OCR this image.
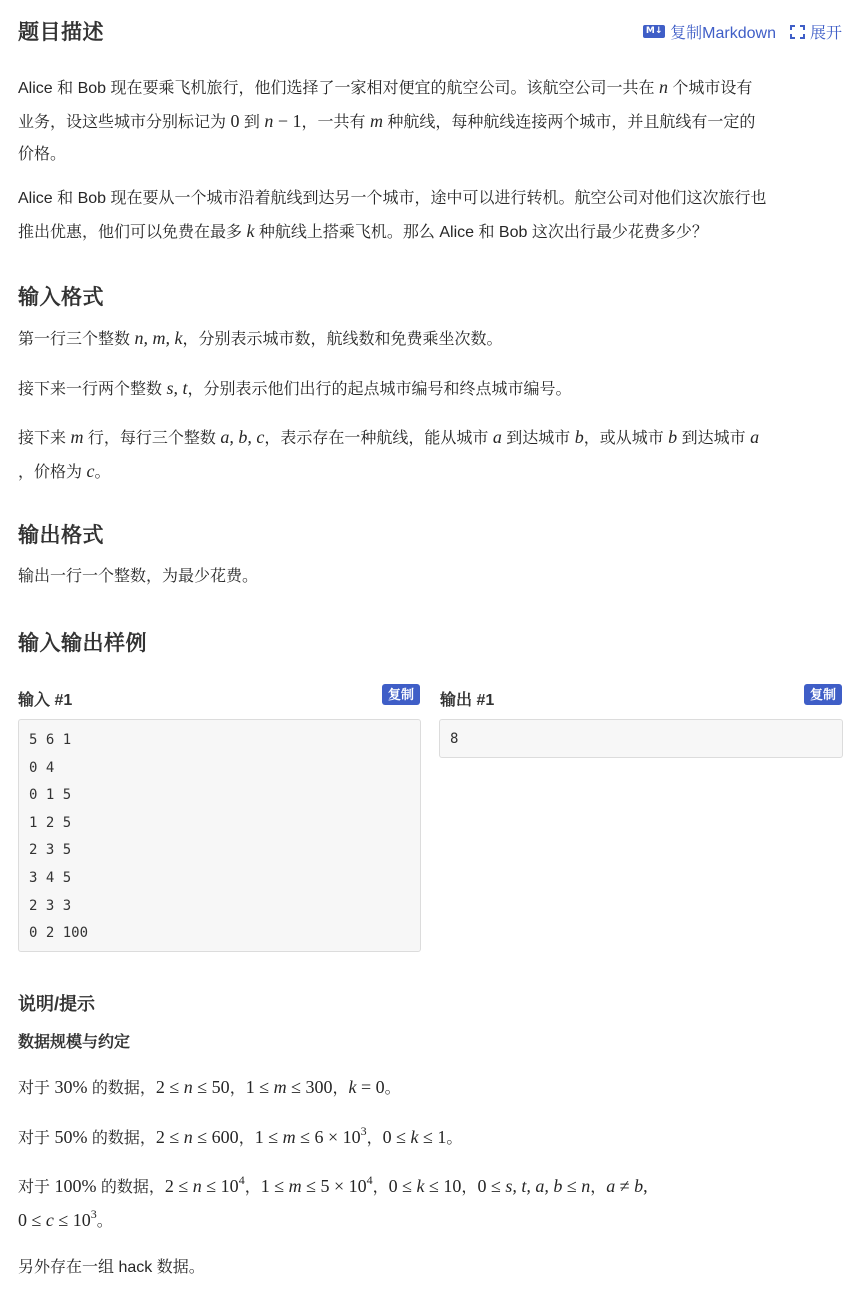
题目描述	M↓ 复制Markdown 展开
Alice 和 Bob 现在要乘飞机旅行，他们选择了一家相对便宜的航空公司。该航空公司一共在 n 个城市设有
业务，设这些城市分别标记为 0 到 n − 1，一共有 m 种航线，每种航线连接两个城市，并且航线有一定的
价格。
Alice 和 Bob 现在要从一个城市沿着航线到达另一个城市，途中可以进行转机。航空公司对他们这次旅行也
推出优惠，他们可以免费在最多 k 种航线上搭乘飞机。那么 Alice 和 Bob 这次出行最少花费多少？
输入格式
第一行三个整数 n, m, k，分别表示城市数，航线数和免费乘坐次数。
接下来一行两个整数 s, t，分别表示他们出行的起点城市编号和终点城市编号。
接下来 m 行，每行三个整数 a, b, c，表示存在一种航线，能从城市 a 到达城市 b，或从城市 b 到达城市 a
，价格为 c。
输出格式
输出一行一个整数，为最少花费。
输入输出样例
输入 #1	复制
5 6 1
0 4
0 1 5
1 2 5
2 3 5
3 4 5
2 3 3
0 2 100
输出 #1	复制
8
说明/提示
数据规模与约定
对于 30% 的数据，2 ≤ n ≤ 50，1 ≤ m ≤ 300，k = 0。
对于 50% 的数据，2 ≤ n ≤ 600，$1 \le m \le 6 \times 10^3$，0 ≤ k ≤ 1。
对于 100% 的数据，$2 \le n \le 10^4$，$1 \le m \le 5 \times 10^4$，0 ≤ k ≤ 10，0 ≤ s, t, a, b ≤ n，a ≠ b,
$0 \le c \le 10^3$。
另外存在一组 hack 数据。
